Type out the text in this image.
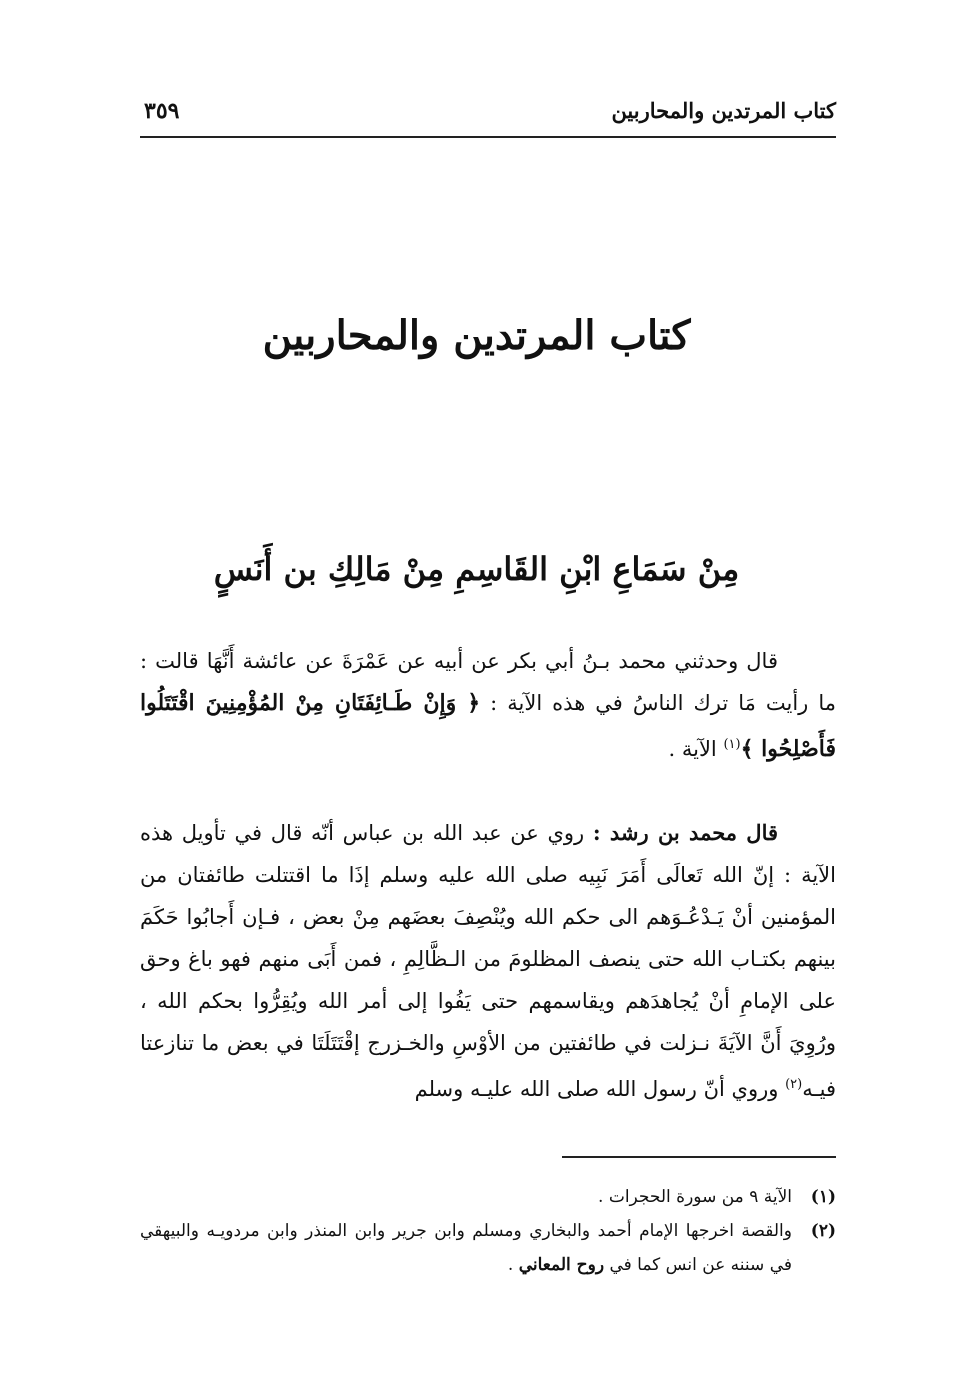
كتاب المرتدين والمحاربين
٣٥٩
كتاب المرتدين والمحاربين
مِنْ سَمَاعِ ابْنِ القَاسِمِ مِنْ مَالِكِ بن أَنَسٍ

قال وحدثني محمد بـنُ أبي بكر عن أبيه عن عَمْرَةَ عن عائشة أَنَّهَا قالت : ما رأيت مَا ترك الناسُ في هذه الآية : ﴿ وَإِنْ طَـائِفَتَانِ مِنْ المُؤْمِنِينَ اقْتَتَلُوا فَأَصْلِحُوا ﴾$^{(١)}$ الآية .

قال محمد بن رشد : روي عن عبد الله بن عباس أنّه قال في تأويل هذه الآية : إنّ الله تَعالَى أَمَرَ نَبِيه صلى الله عليه وسلم إذَا ما اقتتلت طائفتان من المؤمنين أنْ يَـدْعُـوَهم الى حكم الله ويُنْصِفَ بعضَهم مِنْ بعض ، فـإن أَجابُوا حَكَمَ بينهم بكتـاب الله حتى ينصف المظلومَ من الـظَّالِمِ ، فمن أَبَى منهم فهو باغ وحق على الإمامِ أنْ يُجاهدَهم ويقاسمهم حتى يَفُوا إلى أمر الله ويُقِرُّوا بحكم الله ، ورُوِيَ أَنَّ الآيَةَ نـزلت في طائفتين من الأوْسِ والخـزرج إقْتَتَلَتَا في بعض ما تنازعتا فيـه$^{(٢)}$ وروي أنّ رسول الله صلى الله عليـه وسلم

(١)
الآية ٩ من سورة الحجرات .
(٢)
والقصة اخرجها الإمام أحمد والبخاري ومسلم وابن جرير وابن المنذر وابن مردويـه والبيهقي في سننه عن انس كما في روح المعاني .
